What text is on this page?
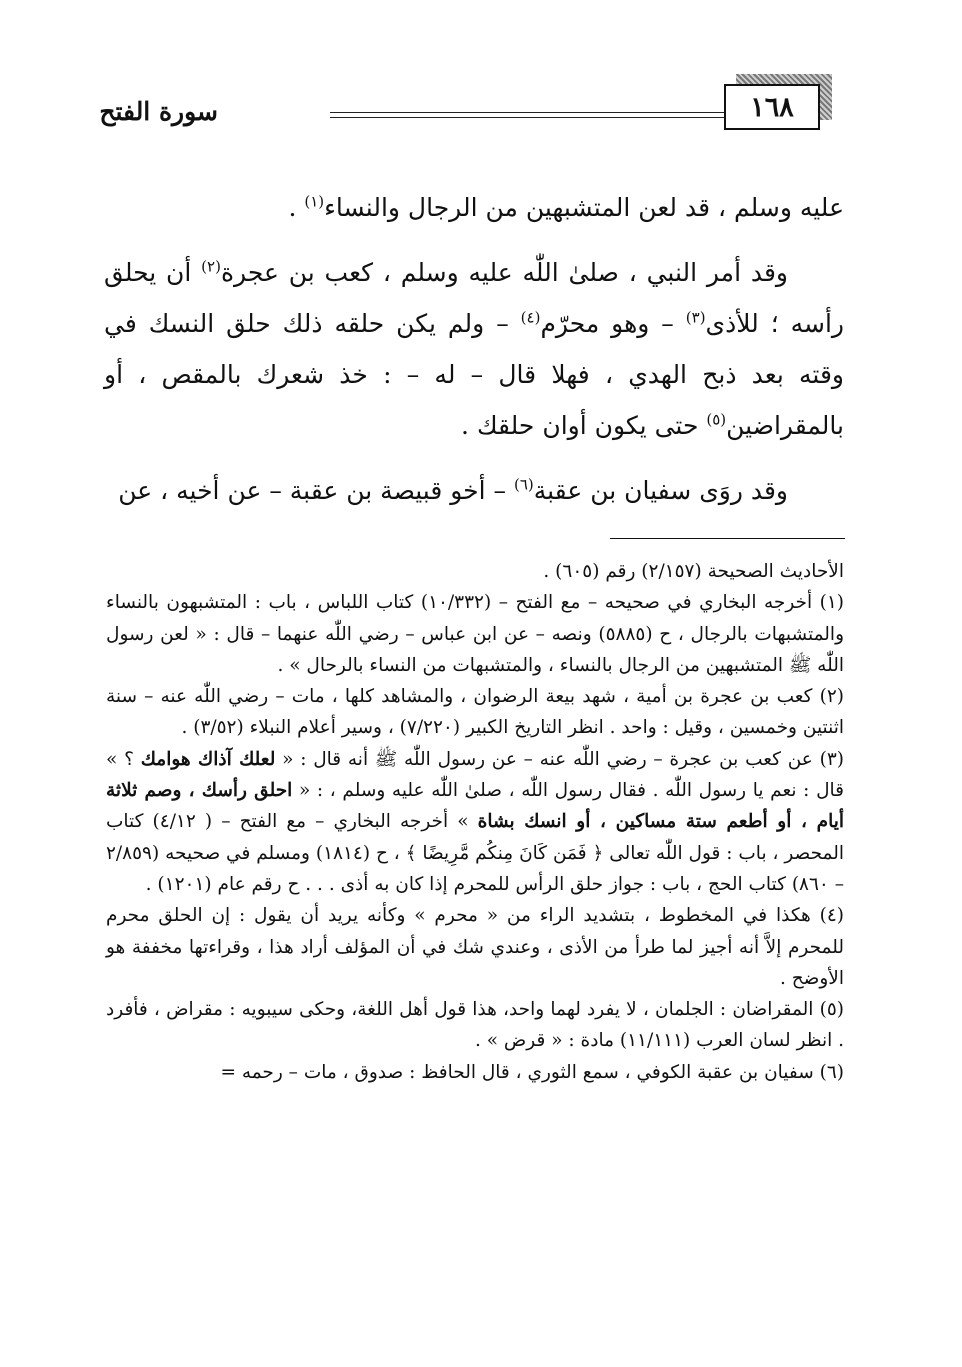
سورة الفتح	١٦٨

عليه وسلم ، قد لعن المتشبهين من الرجال والنساء$^{(١)}$ .

وقد أمر النبي ، صلىٰ اللّٰه عليه وسلم ، كعب بن عجرة$^{(٢)}$ أن يحلق رأسه ؛ للأذى$^{(٣)}$ – وهو محرّم$^{(٤)}$ – ولم يكن حلقه ذلك حلق النسك في وقته بعد ذبح الهدي ، فهلا قال – له – : خذ شعرك بالمقص ، أو بالمقراضين$^{(٥)}$ حتى يكون أوان حلقك .

وقد روَى سفيان بن عقبة$^{(٦)}$ – أخو قبيصة بن عقبة – عن أخيه ، عن

الأحاديث الصحيحة (٢/١٥٧) رقم (٦٠٥) .

(١) أخرجه البخاري في صحيحه – مع الفتح – (١٠/٣٣٢) كتاب اللباس ، باب : المتشبهون بالنساء والمتشبهات بالرجال ، ح (٥٨٨٥) ونصه – عن ابن عباس – رضي اللّٰه عنهما – قال : « لعن رسول اللّٰه ﷺ المتشبهين من الرجال بالنساء ، والمتشبهات من النساء بالرحال » .

(٢) كعب بن عجرة بن أمية ، شهد بيعة الرضوان ، والمشاهد كلها ، مات – رضي اللّٰه عنه – سنة اثنتين وخمسين ، وقيل : واحد . انظر التاريخ الكبير (٧/٢٢٠) ، وسير أعلام النبلاء (٣/٥٢) .

(٣) عن كعب بن عجرة – رضي اللّٰه عنه – عن رسول اللّٰه ﷺ أنه قال : « لعلك آذاك هوامك ؟ » قال : نعم يا رسول اللّٰه . فقال رسول اللّٰه ، صلىٰ اللّٰه عليه وسلم ، : « احلق رأسك ، وصم ثلاثة أيام ، أو أطعم ستة مساكين ، أو انسك بشاة » أخرجه البخاري – مع الفتح – ( ٤/١٢) كتاب المحصر ، باب : قول اللّٰه تعالى ﴿ فَمَن كَانَ مِنكُم مَّرِيضًا ﴾ ، ح (١٨١٤) ومسلم في صحيحه (٢/٨٥٩ – ٨٦٠) كتاب الحج ، باب : جواز حلق الرأس للمحرم إذا كان به أذى . . . ح رقم عام (١٢٠١) .

(٤) هكذا في المخطوط ، بتشديد الراء من « محرم » وكأنه يريد أن يقول : إن الحلق محرم للمحرم إلاَّ أنه أجيز لما طرأ من الأذى ، وعندي شك في أن المؤلف أراد هذا ، وقراءتها مخففة هو الأوضح .

(٥) المقراضان : الجلمان ، لا يفرد لهما واحد، هذا قول أهل اللغة، وحكى سيبويه : مقراض ، فأفرد . انظر لسان العرب (١١/١١١) مادة : « قرض » .

(٦) سفيان بن عقبة الكوفي ، سمع الثوري ، قال الحافظ : صدوق ، مات – رحمه =
